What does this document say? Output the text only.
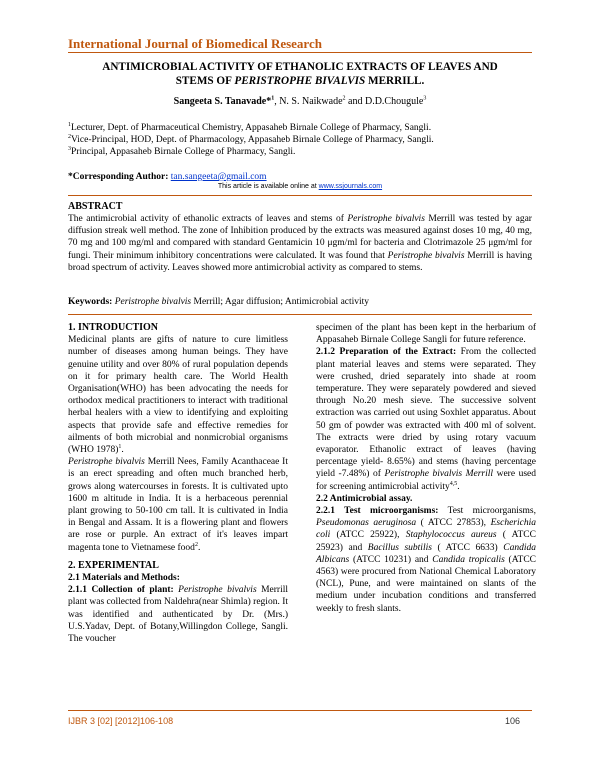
International Journal of Biomedical Research
ANTIMICROBIAL ACTIVITY OF ETHANOLIC EXTRACTS OF LEAVES AND
STEMS OF PERISTROPHE BIVALVIS MERRILL.
Sangeeta S. Tanavade*$^1$, N. S. Naikwade$^2$ and D.D.Chougule$^3$
$^1$Lecturer, Dept. of Pharmaceutical Chemistry, Appasaheb Birnale College of Pharmacy, Sangli.
$^2$Vice-Principal, HOD, Dept. of Pharmacology, Appasaheb Birnale College of Pharmacy, Sangli.
$^3$Principal, Appasaheb Birnale College of Pharmacy, Sangli.
*Corresponding Author: tan.sangeeta@gmail.com
This article is available online at www.ssjournals.com
ABSTRACT
The antimicrobial activity of ethanolic extracts of leaves and stems of Peristrophe bivalvis Merrill was tested by agar diffusion streak well method. The zone of Inhibition produced by the extracts was measured against doses 10 mg, 40 mg, 70 mg and 100 mg/ml and compared with standard Gentamicin 10 μgm/ml for bacteria and Clotrimazole 25 μgm/ml for fungi. Their minimum inhibitory concentrations were calculated. It was found that Peristrophe bivalvis Merrill is having broad spectrum of activity. Leaves showed more antimicrobial activity as compared to stems.
Keywords: Peristrophe bivalvis Merrill; Agar diffusion; Antimicrobial activity

1. INTRODUCTION

Medicinal plants are gifts of nature to cure limitless number of diseases among human beings. They have genuine utility and over 80% of rural population depends on it for primary health care. The World Health Organisation(WHO) has been advocating the needs for orthodox medical practitioners to interact with traditional herbal healers with a view to identifying and exploiting aspects that provide safe and effective remedies for ailments of both microbial and nonmicrobial organisms (WHO 1978)$^1$.

Peristrophe bivalvis Merrill Nees, Family Acanthaceae It is an erect spreading and often much branched herb, grows along watercourses in forests. It is cultivated upto 1600 m altitude in India. It is a herbaceous perennial plant growing to 50-100 cm tall. It is cultivated in India in Bengal and Assam. It is a flowering plant and flowers are rose or purple. An extract of it's leaves impart magenta tone to Vietnamese food$^2$.

2. EXPERIMENTAL

2.1 Materials and Methods:

2.1.1 Collection of plant: Peristrophe bivalvis Merrill plant was collected from Naldehra(near Shimla) region. It was identified and authenticated by Dr. (Mrs.) U.S.Yadav, Dept. of Botany,Willingdon College, Sangli. The voucher

specimen of the plant has been kept in the herbarium of Appasaheb Birnale College Sangli for future reference.

2.1.2 Preparation of the Extract: From the collected plant material leaves and stems were separated. They were crushed, dried separately into shade at room temperature. They were separately powdered and sieved through No.20 mesh sieve. The successive solvent extraction was carried out using Soxhlet apparatus. About 50 gm of powder was extracted with 400 ml of solvent. The extracts were dried by using rotary vacuum evaporator. Ethanolic extract of leaves (having percentage yield- 8.65%) and stems (having percentage yield -7.48%) of Peristrophe bivalvis Merrill were used for screening antimicrobial activity$^{4,5}$.

2.2 Antimicrobial assay.

2.2.1 Test microorganisms: Test microorganisms, Pseudomonas aeruginosa ( ATCC 27853), Escherichia coli (ATCC 25922), Staphylococcus aureus ( ATCC 25923) and Bacillus subtilis ( ATCC 6633) Candida Albicans (ATCC 10231) and Candida tropicalis (ATCC 4563) were procured from National Chemical Laboratory (NCL), Pune, and were maintained on slants of the medium under incubation conditions and transferred weekly to fresh slants.

IJBR 3 [02] [2012]106-108	106
